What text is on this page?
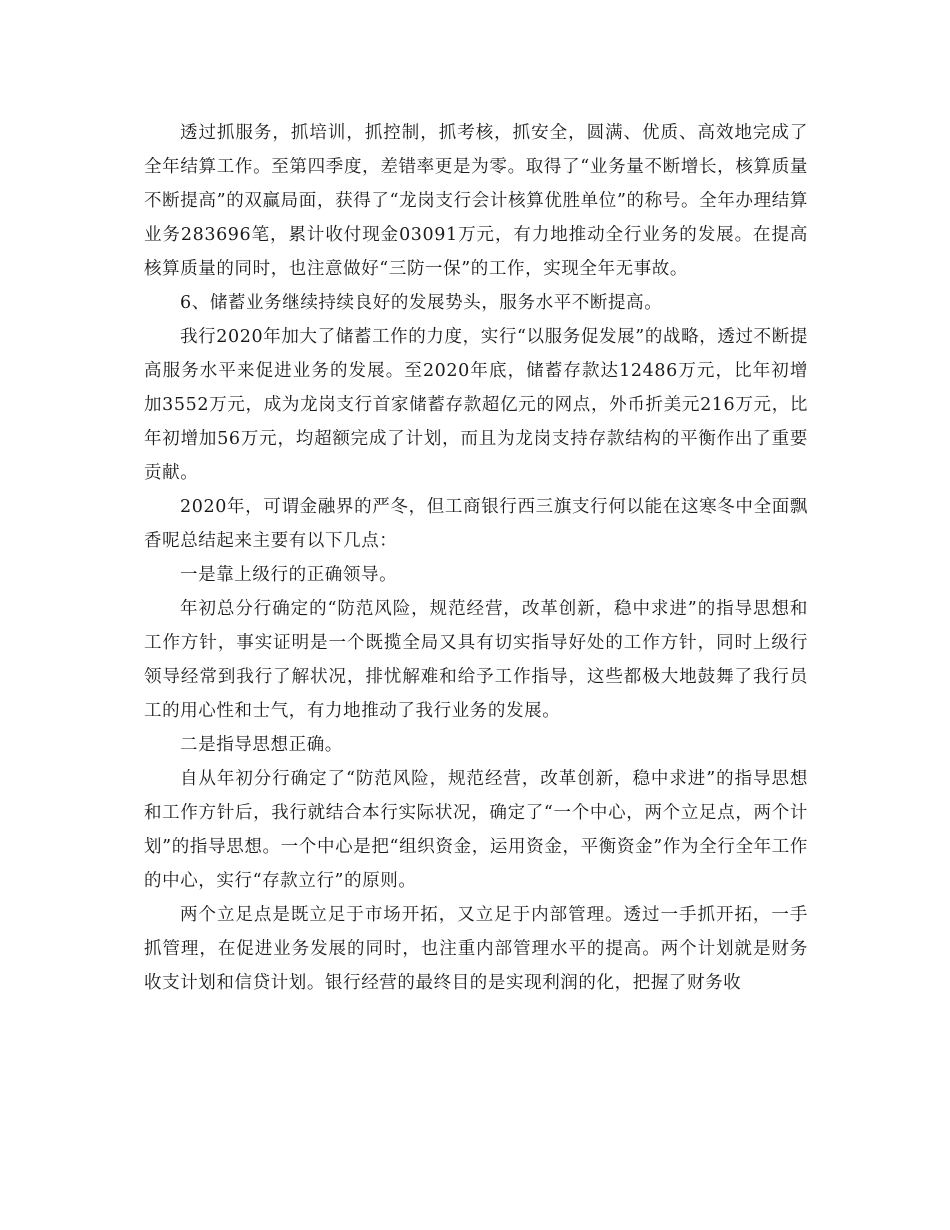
透过抓服务，抓培训，抓控制，抓考核，抓安全，圆满、优质、高效地完成了全年结算工作。至第四季度，差错率更是为零。取得了“业务量不断增长，核算质量不断提高”的双赢局面，获得了“龙岗支行会计核算优胜单位”的称号。全年办理结算业务283696笔，累计收付现金03091万元，有力地推动全行业务的发展。在提高核算质量的同时，也注意做好“三防一保”的工作，实现全年无事故。

6、储蓄业务继续持续良好的发展势头，服务水平不断提高。

我行2020年加大了储蓄工作的力度，实行“以服务促发展”的战略，透过不断提高服务水平来促进业务的发展。至2020年底，储蓄存款达12486万元，比年初增加3552万元，成为龙岗支行首家储蓄存款超亿元的网点，外币折美元216万元，比年初增加56万元，均超额完成了计划，而且为龙岗支持存款结构的平衡作出了重要贡献。

2020年，可谓金融界的严冬，但工商银行西三旗支行何以能在这寒冬中全面飘香呢总结起来主要有以下几点：

一是靠上级行的正确领导。

年初总分行确定的“防范风险，规范经营，改革创新，稳中求进”的指导思想和工作方针，事实证明是一个既揽全局又具有切实指导好处的工作方针，同时上级行领导经常到我行了解状况，排忧解难和给予工作指导，这些都极大地鼓舞了我行员工的用心性和士气，有力地推动了我行业务的发展。

二是指导思想正确。

自从年初分行确定了“防范风险，规范经营，改革创新，稳中求进”的指导思想和工作方针后，我行就结合本行实际状况，确定了“一个中心，两个立足点，两个计划”的指导思想。一个中心是把“组织资金，运用资金，平衡资金”作为全行全年工作的中心，实行“存款立行”的原则。

两个立足点是既立足于市场开拓，又立足于内部管理。透过一手抓开拓，一手抓管理，在促进业务发展的同时，也注重内部管理水平的提高。两个计划就是财务收支计划和信贷计划。银行经营的最终目的是实现利润的化，把握了财务收
